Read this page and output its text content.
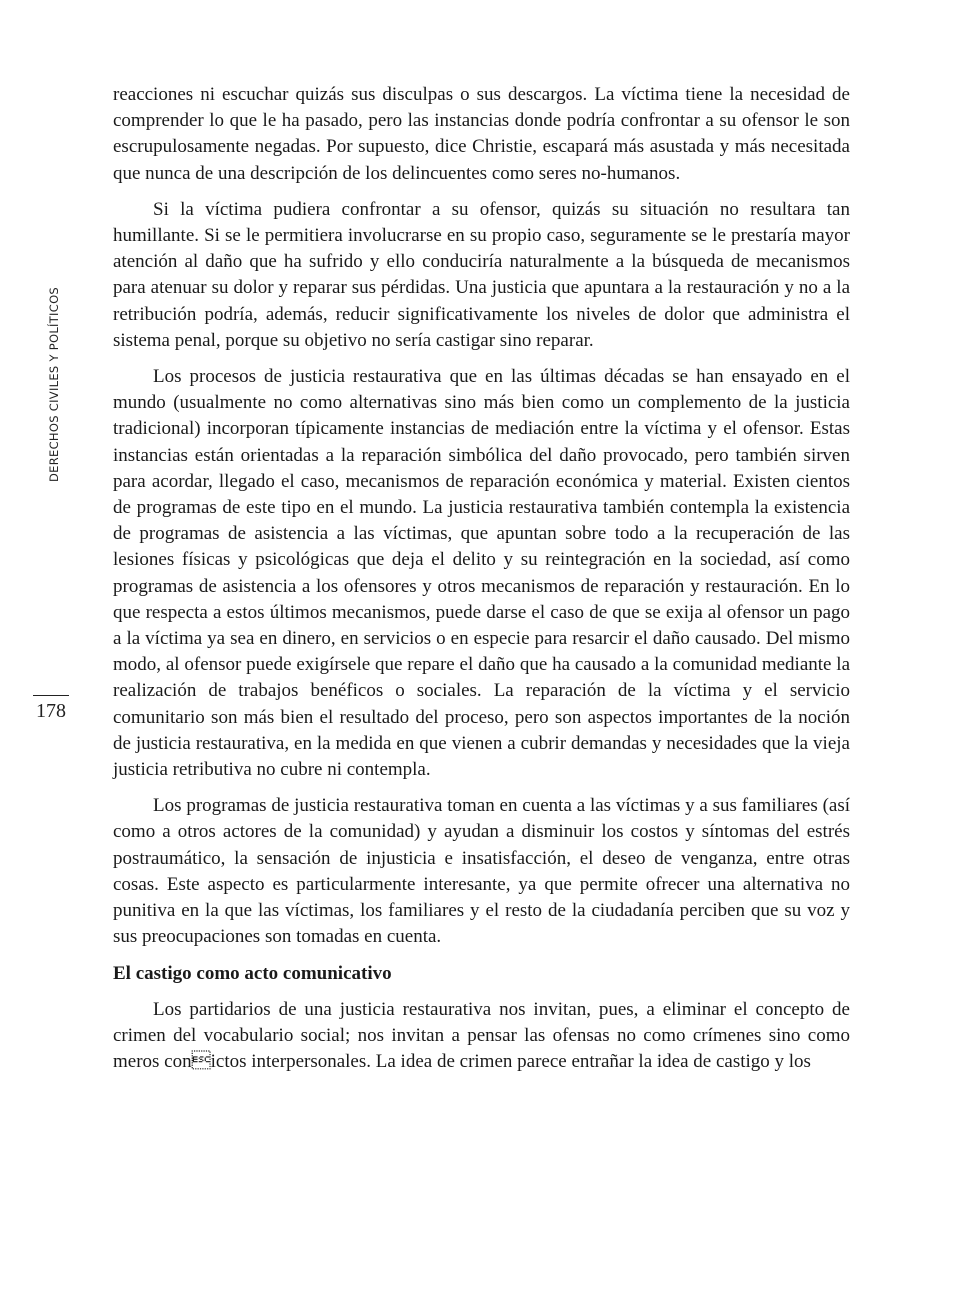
DERECHOS CIVILES Y POLÍTICOS
178

reacciones ni escuchar quizás sus disculpas o sus descargos. La víctima tiene la necesidad de comprender lo que le ha pasado, pero las instancias donde podría confrontar a su ofensor le son escrupulosamente negadas. Por supuesto, dice Christie, escapará más asustada y más necesitada que nunca de una descripción de los delincuentes como seres no-humanos.

Si la víctima pudiera confrontar a su ofensor, quizás su situación no resultara tan humillante. Si se le permitiera involucrarse en su propio caso, seguramente se le prestaría mayor atención al daño que ha sufrido y ello conduciría naturalmente a la búsqueda de mecanismos para atenuar su dolor y reparar sus pérdidas. Una justicia que apuntara a la restauración y no a la retribución podría, además, reducir significativamente los niveles de dolor que administra el sistema penal, porque su objetivo no sería castigar sino reparar.

Los procesos de justicia restaurativa que en las últimas décadas se han ensayado en el mundo (usualmente no como alternativas sino más bien como un complemento de la justicia tradicional) incorporan típicamente instancias de mediación entre la víctima y el ofensor. Estas instancias están orientadas a la reparación simbólica del daño provocado, pero también sirven para acordar, llegado el caso, mecanismos de reparación económica y material. Existen cientos de programas de este tipo en el mundo. La justicia restaurativa también contempla la existencia de programas de asistencia a las víctimas, que apuntan sobre todo a la recuperación de las lesiones físicas y psicológicas que deja el delito y su reintegración en la sociedad, así como programas de asistencia a los ofensores y otros mecanismos de reparación y restauración. En lo que respecta a estos últimos mecanismos, puede darse el caso de que se exija al ofensor un pago a la víctima ya sea en dinero, en servicios o en especie para resarcir el daño causado. Del mismo modo, al ofensor puede exigírsele que repare el daño que ha causado a la comunidad mediante la realización de trabajos benéficos o sociales. La reparación de la víctima y el servicio comunitario son más bien el resultado del proceso, pero son aspectos importantes de la noción de justicia restaurativa, en la medida en que vienen a cubrir demandas y necesidades que la vieja justicia retributiva no cubre ni contempla.

Los programas de justicia restaurativa toman en cuenta a las víctimas y a sus familiares (así como a otros actores de la comunidad) y ayudan a disminuir los costos y síntomas del estrés postraumático, la sensación de injusticia e insatisfacción, el deseo de venganza, entre otras cosas. Este aspecto es particularmente interesante, ya que permite ofrecer una alternativa no punitiva en la que las víctimas, los familiares y el resto de la ciudadanía perciben que su voz y sus preocupaciones son tomadas en cuenta.

El castigo como acto comunicativo

Los partidarios de una justicia restaurativa nos invitan, pues, a eliminar el concepto de crimen del vocabulario social; nos invitan a pensar las ofensas no como crímenes sino como meros conictos interpersonales. La idea de crimen parece entrañar la idea de castigo y los
